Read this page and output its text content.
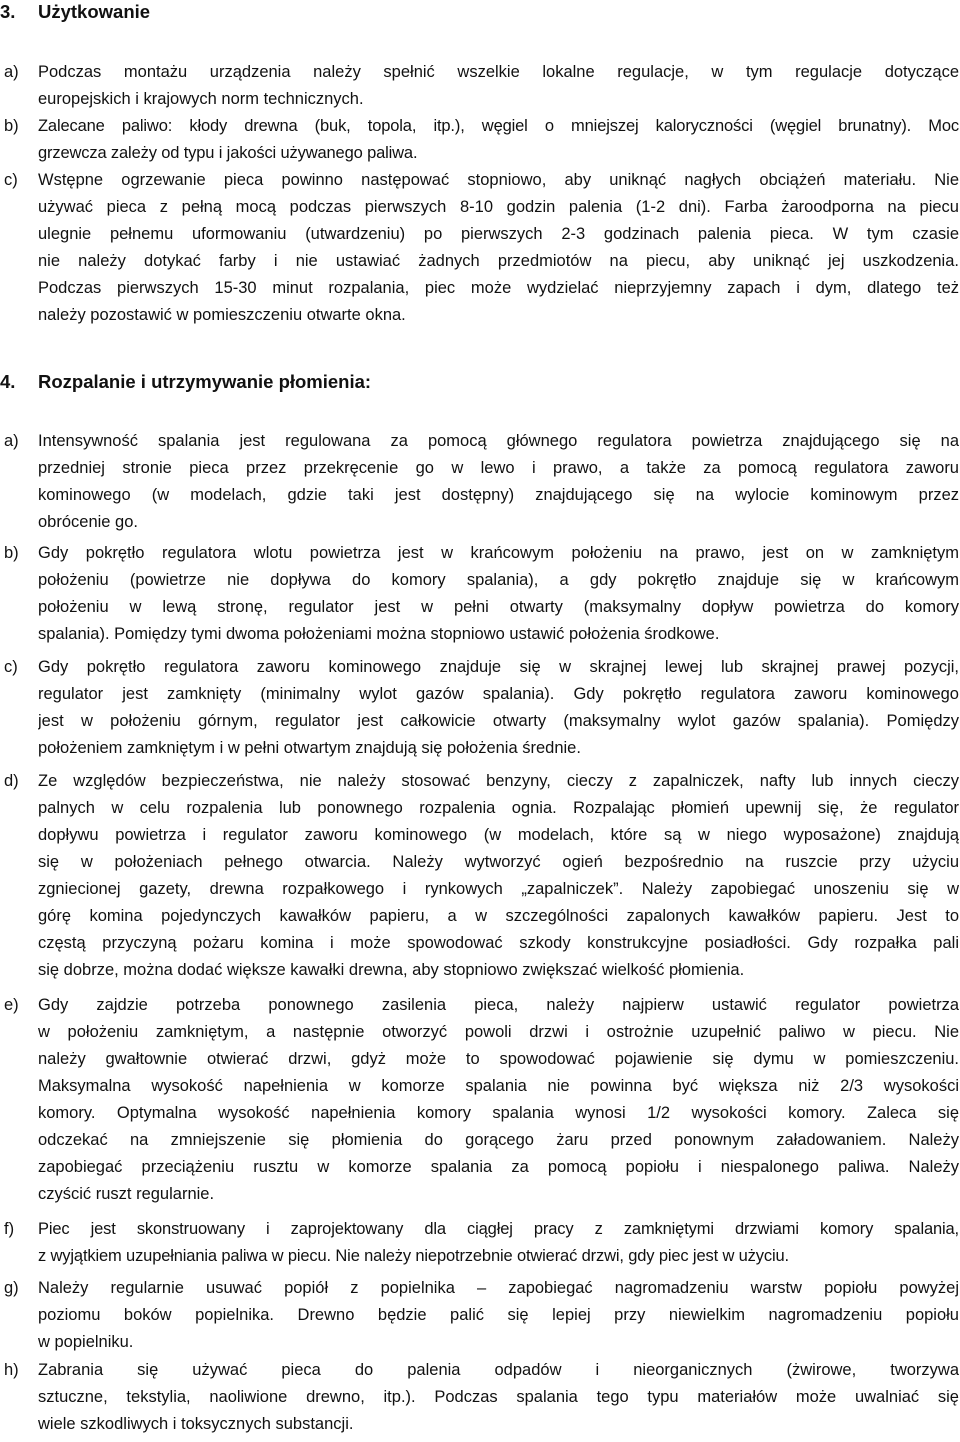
3. Użytkowanie
a) Podczas montażu urządzenia należy spełnić wszelkie lokalne regulacje, w tym regulacje dotyczące
europejskich i krajowych norm technicznych.
b) Zalecane paliwo: kłody drewna (buk, topola, itp.), węgiel o mniejszej kaloryczności (węgiel brunatny). Moc
grzewcza zależy od typu i jakości używanego paliwa.
c) Wstępne ogrzewanie pieca powinno następować stopniowo, aby uniknąć nagłych obciążeń materiału. Nie
używać pieca z pełną mocą podczas pierwszych 8-10 godzin palenia (1-2 dni). Farba żaroodporna na piecu
ulegnie pełnemu uformowaniu (utwardzeniu) po pierwszych 2-3 godzinach palenia pieca. W tym czasie
nie należy dotykać farby i nie ustawiać żadnych przedmiotów na piecu, aby uniknąć jej uszkodzenia.
Podczas pierwszych 15-30 minut rozpalania, piec może wydzielać nieprzyjemny zapach i dym, dlatego też
należy pozostawić w pomieszczeniu otwarte okna.
4. Rozpalanie i utrzymywanie płomienia:
a) Intensywność spalania jest regulowana za pomocą głównego regulatora powietrza znajdującego się na
przedniej stronie pieca przez przekręcenie go w lewo i prawo, a także za pomocą regulatora zaworu
kominowego (w modelach, gdzie taki jest dostępny) znajdującego się na wylocie kominowym przez
obrócenie go.
b) Gdy pokrętło regulatora wlotu powietrza jest w krańcowym położeniu na prawo, jest on w zamkniętym
położeniu (powietrze nie dopływa do komory spalania), a gdy pokrętło znajduje się w krańcowym
położeniu w lewą stronę, regulator jest w pełni otwarty (maksymalny dopływ powietrza do komory
spalania). Pomiędzy tymi dwoma położeniami można stopniowo ustawić położenia środkowe.
c) Gdy pokrętło regulatora zaworu kominowego znajduje się w skrajnej lewej lub skrajnej prawej pozycji,
regulator jest zamknięty (minimalny wylot gazów spalania). Gdy pokrętło regulatora zaworu kominowego
jest w położeniu górnym, regulator jest całkowicie otwarty (maksymalny wylot gazów spalania). Pomiędzy
położeniem zamkniętym i w pełni otwartym znajdują się położenia średnie.
d) Ze względów bezpieczeństwa, nie należy stosować benzyny, cieczy z zapalniczek, nafty lub innych cieczy
palnych w celu rozpalenia lub ponownego rozpalenia ognia. Rozpalając płomień upewnij się, że regulator
dopływu powietrza i regulator zaworu kominowego (w modelach, które są w niego wyposażone) znajdują
się w położeniach pełnego otwarcia. Należy wytworzyć ogień bezpośrednio na ruszcie przy użyciu
zgniecionej gazety, drewna rozpałkowego i rynkowych „zapalniczek”. Należy zapobiegać unoszeniu się w
górę komina pojedynczych kawałków papieru, a w szczególności zapalonych kawałków papieru. Jest to
częstą przyczyną pożaru komina i może spowodować szkody konstrukcyjne posiadłości. Gdy rozpałka pali
się dobrze, można dodać większe kawałki drewna, aby stopniowo zwiększać wielkość płomienia.
e) Gdy zajdzie potrzeba ponownego zasilenia pieca, należy najpierw ustawić regulator powietrza
w położeniu zamkniętym, a następnie otworzyć powoli drzwi i ostrożnie uzupełnić paliwo w piecu. Nie
należy gwałtownie otwierać drzwi, gdyż może to spowodować pojawienie się dymu w pomieszczeniu.
Maksymalna wysokość napełnienia w komorze spalania nie powinna być większa niż 2/3 wysokości
komory. Optymalna wysokość napełnienia komory spalania wynosi 1/2 wysokości komory. Zaleca się
odczekać na zmniejszenie się płomienia do gorącego żaru przed ponownym załadowaniem. Należy
zapobiegać przeciążeniu rusztu w komorze spalania za pomocą popiołu i niespalonego paliwa. Należy
czyścić ruszt regularnie.
f) Piec jest skonstruowany i zaprojektowany dla ciągłej pracy z zamkniętymi drzwiami komory spalania,
z wyjątkiem uzupełniania paliwa w piecu. Nie należy niepotrzebnie otwierać drzwi, gdy piec jest w użyciu.
g) Należy regularnie usuwać popiół z popielnika – zapobiegać nagromadzeniu warstw popiołu powyżej
poziomu boków popielnika. Drewno będzie palić się lepiej przy niewielkim nagromadzeniu popiołu
w popielniku.
h) Zabrania się używać pieca do palenia odpadów i nieorganicznych (żwirowe, tworzywa
sztuczne, tekstylia, naoliwione drewno, itp.). Podczas spalania tego typu materiałów może uwalniać się
wiele szkodliwych i toksycznych substancji.
